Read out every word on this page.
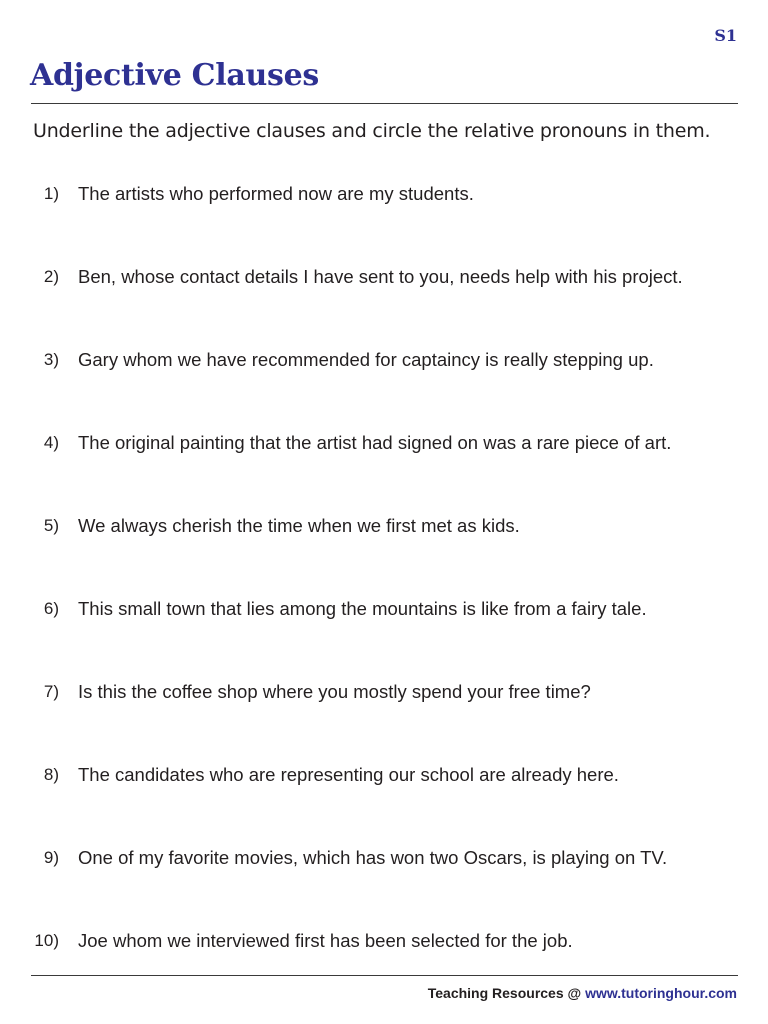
S1
Adjective Clauses

Underline the adjective clauses and circle the relative pronouns in them.

1) The artists who performed now are my students.
2) Ben, whose contact details I have sent to you, needs help with his project.
3) Gary whom we have recommended for captaincy is really stepping up.
4) The original painting that the artist had signed on was a rare piece of art.
5) We always cherish the time when we first met as kids.
6) This small town that lies among the mountains is like from a fairy tale.
7) Is this the coffee shop where you mostly spend your free time?
8) The candidates who are representing our school are already here.
9) One of my favorite movies, which has won two Oscars, is playing on TV.
10) Joe whom we interviewed first has been selected for the job.
Teaching Resources @ www.tutoringhour.com
